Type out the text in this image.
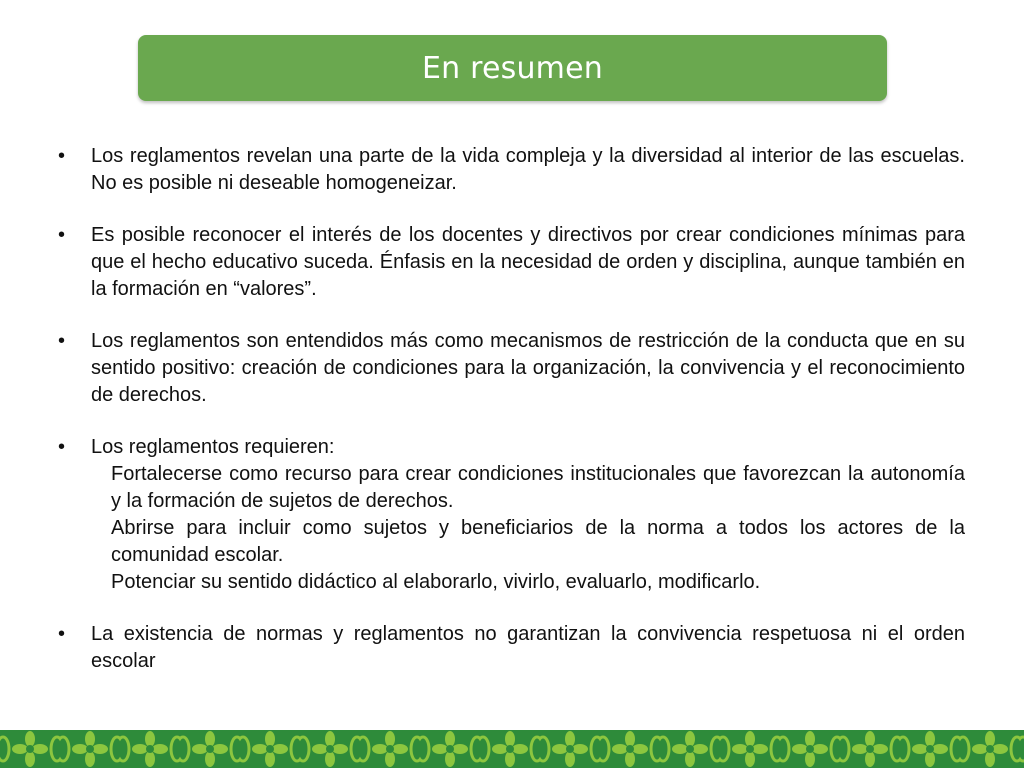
En resumen
•	Los reglamentos revelan una parte de la vida compleja y la diversidad al interior de las escuelas. No es posible ni deseable homogeneizar.
•	Es posible reconocer el interés de los docentes y directivos por crear condiciones mínimas para que el hecho educativo suceda. Énfasis en la necesidad de orden y disciplina, aunque también en la formación en “valores”.
•	Los reglamentos son entendidos más como mecanismos de restricción de la conducta que en su sentido positivo: creación de condiciones para la organización, la convivencia y el reconocimiento de derechos.
•	Los reglamentos requieren:
Fortalecerse como recurso para crear condiciones institucionales que favorezcan la autonomía y la formación de sujetos de derechos.
Abrirse para incluir como sujetos y beneficiarios de la norma a todos los actores de la comunidad escolar.
Potenciar su sentido didáctico al elaborarlo, vivirlo, evaluarlo, modificarlo.
•	La existencia de normas y reglamentos no garantizan la convivencia respetuosa ni el orden escolar
